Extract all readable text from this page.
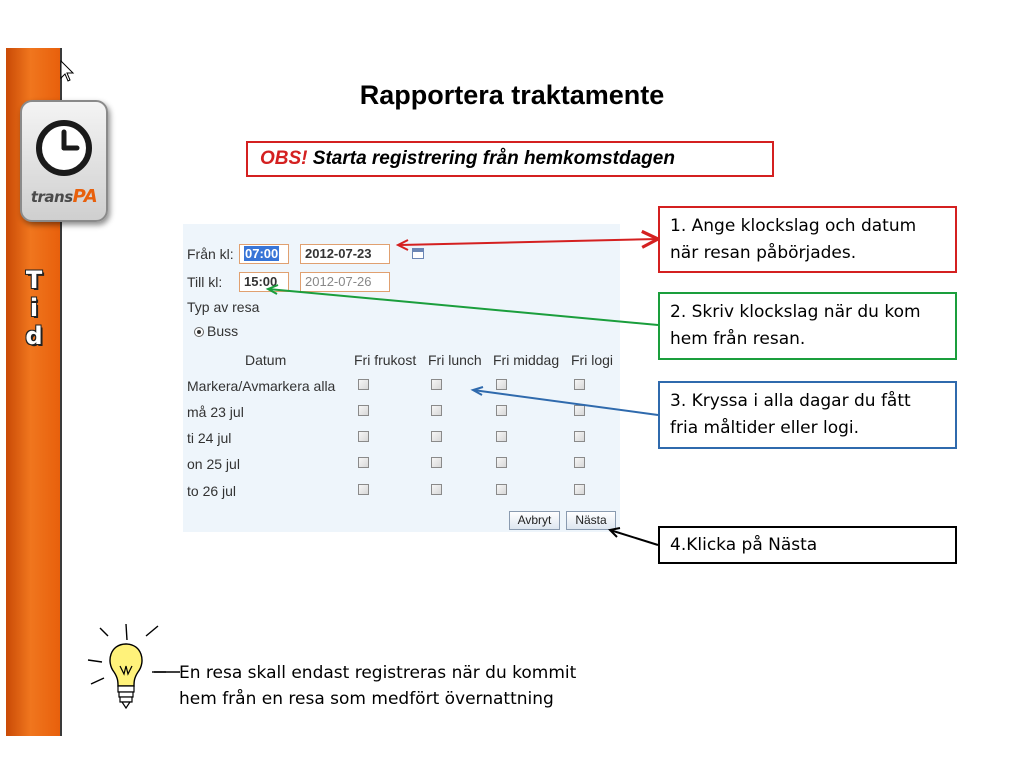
transPA
T
i
d
Rapportera traktamente
OBS! Starta registrering från hemkomstdagen
Från kl: 07:00	2012-07-23
Till kl:	15:00	2012-07-26
Typ av resa
Buss
Datum	Fri frukost Fri lunch Fri middag Fri logi
Markera/Avmarkera alla
må 23 jul
ti 24 jul
on 25 jul
to 26 jul
Avbryt	Nästa
1. Ange klockslag och datum
när resan påbörjades.
2. Skriv klockslag när du kom
hem från resan.
3. Kryssa i alla dagar du fått
fria måltider eller logi.
4.Klicka på Nästa
En resa skall endast registreras när du kommit
hem från en resa som medfört övernattning
